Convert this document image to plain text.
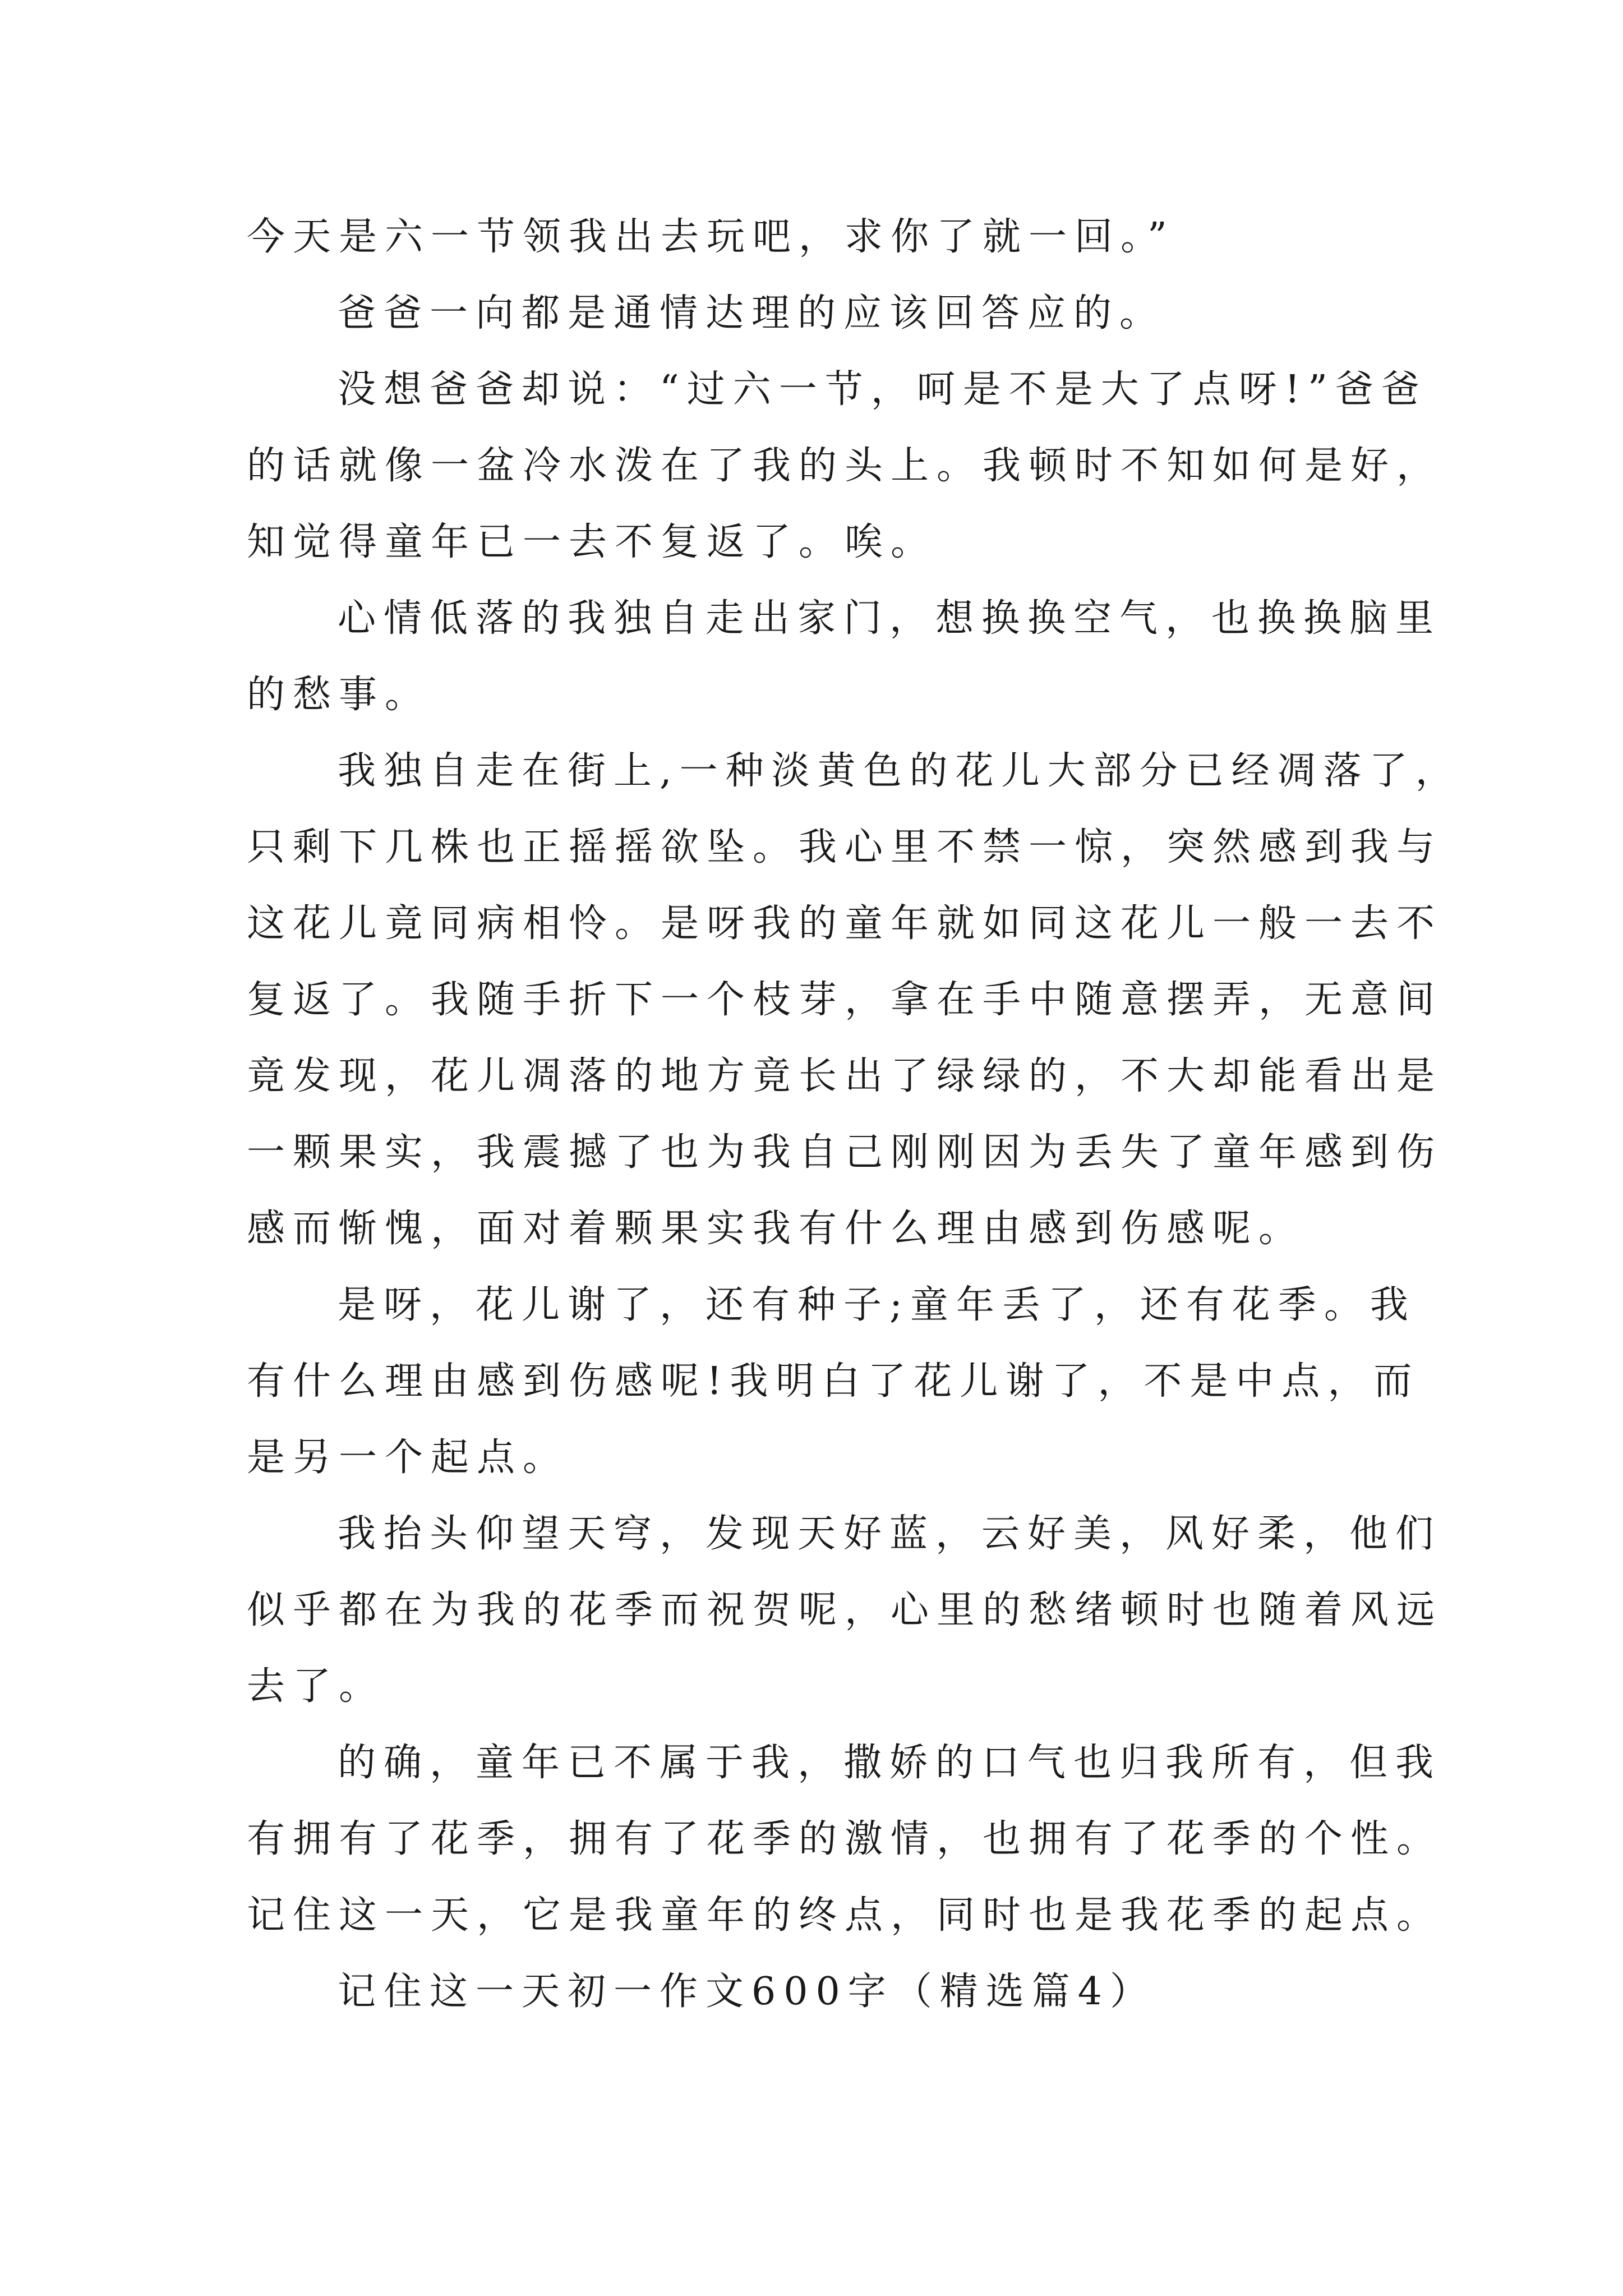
今天是六一节领我出去玩吧，求你了就一回。”
爸爸一向都是通情达理的应该回答应的。
没想爸爸却说：“过六一节，呵是不是大了点呀!”爸爸
的话就像一盆冷水泼在了我的头上。我顿时不知如何是好，
知觉得童年已一去不复返了。唉。
心情低落的我独自走出家门，想换换空气，也换换脑里
的愁事。
我独自走在街上,一种淡黄色的花儿大部分已经凋落了，
只剩下几株也正摇摇欲坠。我心里不禁一惊，突然感到我与
这花儿竟同病相怜。是呀我的童年就如同这花儿一般一去不
复返了。我随手折下一个枝芽，拿在手中随意摆弄，无意间
竟发现，花儿凋落的地方竟长出了绿绿的，不大却能看出是
一颗果实，我震撼了也为我自己刚刚因为丢失了童年感到伤
感而惭愧，面对着颗果实我有什么理由感到伤感呢。
是呀，花儿谢了，还有种子;童年丢了，还有花季。我
有什么理由感到伤感呢!我明白了花儿谢了，不是中点，而
是另一个起点。
我抬头仰望天穹，发现天好蓝，云好美，风好柔，他们
似乎都在为我的花季而祝贺呢，心里的愁绪顿时也随着风远
去了。
的确，童年已不属于我，撒娇的口气也归我所有，但我
有拥有了花季，拥有了花季的激情，也拥有了花季的个性。
记住这一天，它是我童年的终点，同时也是我花季的起点。
记住这一天初一作文600字（精选篇4）
